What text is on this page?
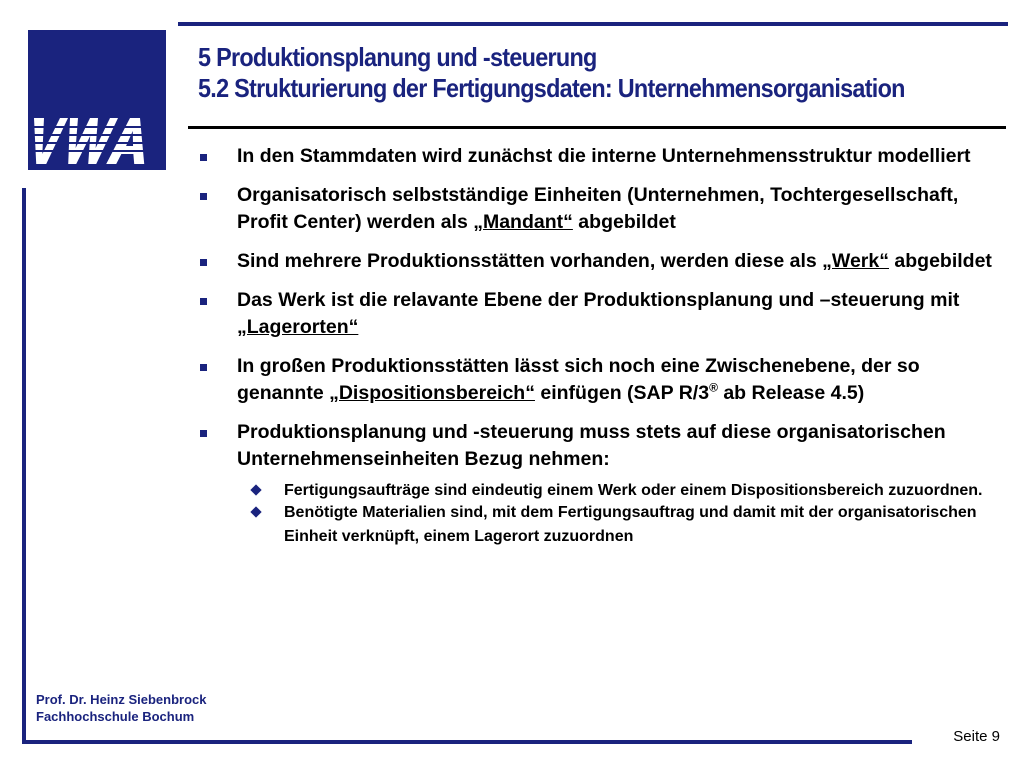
5 Produktionsplanung und -steuerung
5.2 Strukturierung der Fertigungsdaten: Unternehmensorganisation
In den Stammdaten wird zunächst die interne Unternehmensstruktur modelliert
Organisatorisch selbstständige Einheiten (Unternehmen, Tochtergesellschaft, Profit Center) werden als „Mandant“ abgebildet
Sind mehrere Produktionsstätten vorhanden, werden diese als „Werk“ abgebildet
Das Werk ist die relavante Ebene der Produktionsplanung und –steuerung mit „Lagerorten“
In großen Produktionsstätten lässt sich noch eine Zwischenebene, der so genannte „Dispositionsbereich“ einfügen (SAP R/3® ab Release 4.5)
Produktionsplanung und -steuerung muss stets auf diese organisatorischen Unternehmenseinheiten Bezug nehmen:
Fertigungsaufträge sind eindeutig einem Werk oder einem Dispositionsbereich zuzuordnen.
Benötigte Materialien sind, mit dem Fertigungsauftrag und damit mit der organisatorischen Einheit verknüpft, einem Lagerort zuzuordnen
Prof. Dr. Heinz Siebenbrock
Fachhochschule Bochum
Seite 9
